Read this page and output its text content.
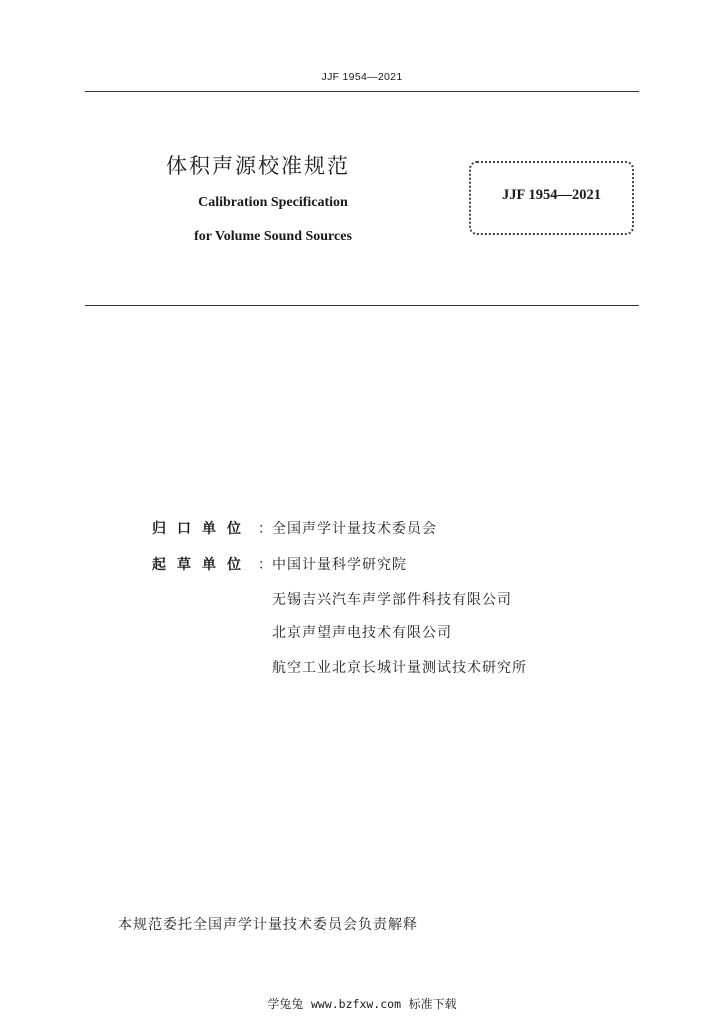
JJF 1954—2021
体积声源校准规范
Calibration Specification
for Volume Sound Sources
JJF 1954—2021
归口单位 ： 全国声学计量技术委员会
起草单位 ： 中国计量科学研究院
无锡吉兴汽车声学部件科技有限公司
北京声望声电技术有限公司
航空工业北京长城计量测试技术研究所
本规范委托全国声学计量技术委员会负责解释
学兔兔 www.bzfxw.com 标准下载
